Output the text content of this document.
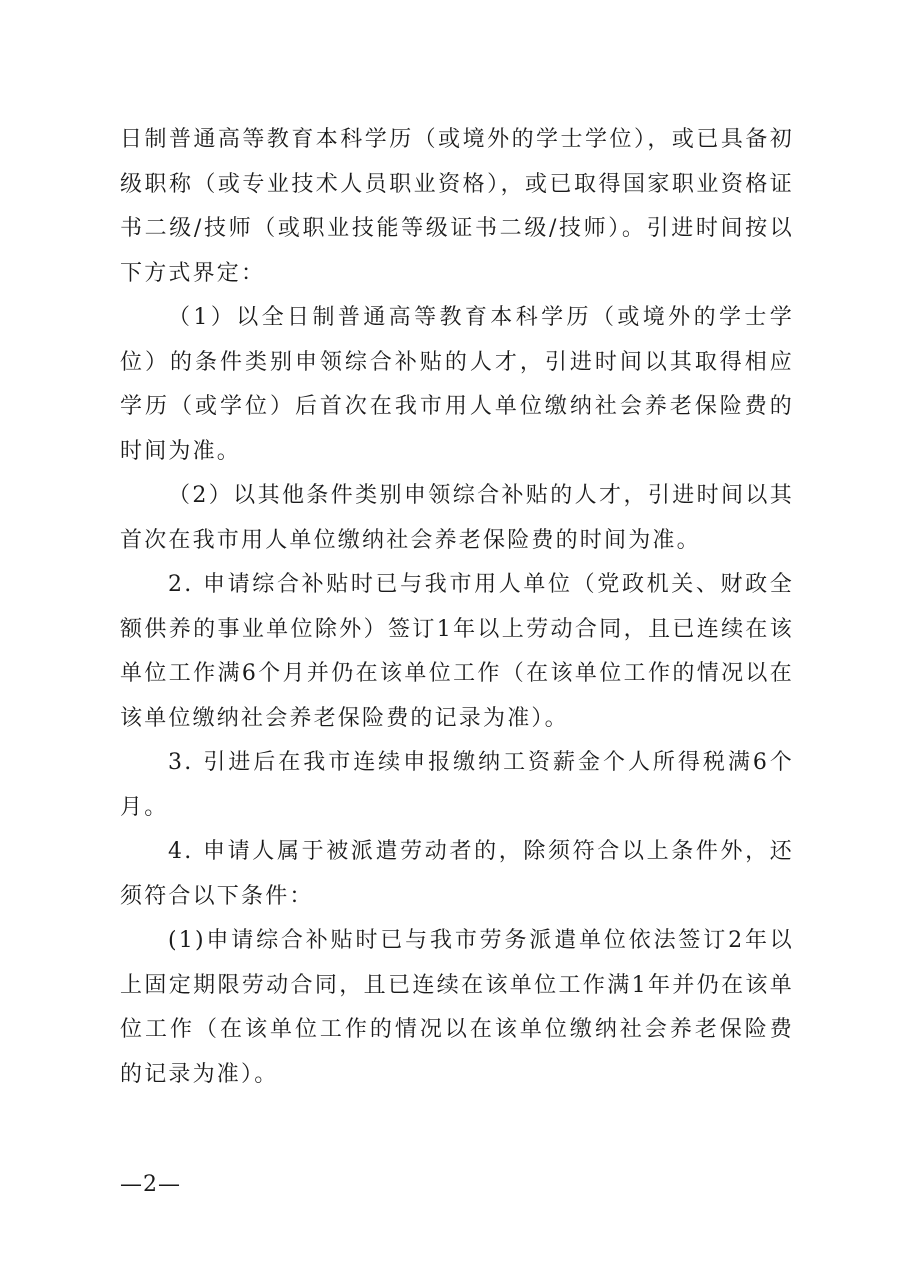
日制普通高等教育本科学历（或境外的学士学位），或已具备初级职称（或专业技术人员职业资格），或已取得国家职业资格证书二级/技师（或职业技能等级证书二级/技师）。引进时间按以下方式界定：

（1）以全日制普通高等教育本科学历（或境外的学士学位）的条件类别申领综合补贴的人才，引进时间以其取得相应学历（或学位）后首次在我市用人单位缴纳社会养老保险费的时间为准。

（2）以其他条件类别申领综合补贴的人才，引进时间以其首次在我市用人单位缴纳社会养老保险费的时间为准。

2. 申请综合补贴时已与我市用人单位（党政机关、财政全额供养的事业单位除外）签订1年以上劳动合同，且已连续在该单位工作满6个月并仍在该单位工作（在该单位工作的情况以在该单位缴纳社会养老保险费的记录为准）。

3. 引进后在我市连续申报缴纳工资薪金个人所得税满6个月。

4. 申请人属于被派遣劳动者的，除须符合以上条件外，还须符合以下条件：

(1)申请综合补贴时已与我市劳务派遣单位依法签订2年以上固定期限劳动合同，且已连续在该单位工作满1年并仍在该单位工作（在该单位工作的情况以在该单位缴纳社会养老保险费的记录为准）。

—2—
